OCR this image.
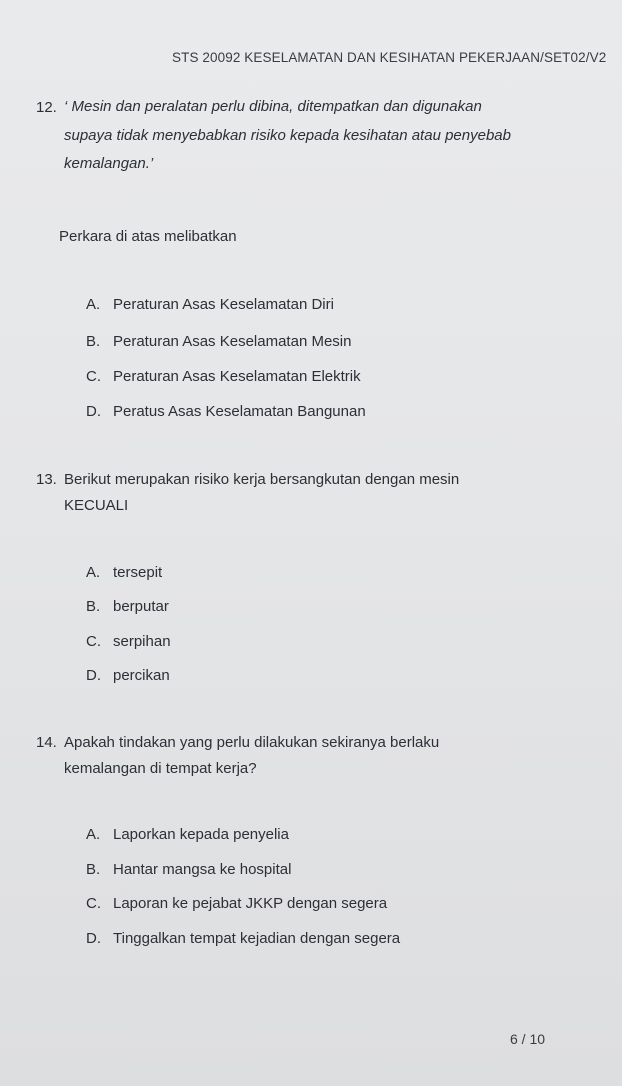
STS 20092 KESELAMATAN DAN KESIHATAN PEKERJAAN/SET02/V2
12. ‘ Mesin dan peralatan perlu dibina, ditempatkan dan digunakan
supaya tidak menyebabkan risiko kepada kesihatan atau penyebab
kemalangan.’
Perkara di atas melibatkan
A. Peraturan Asas Keselamatan Diri
B. Peraturan Asas Keselamatan Mesin
C. Peraturan Asas Keselamatan Elektrik
D. Peratus Asas Keselamatan Bangunan
13. Berikut merupakan risiko kerja bersangkutan dengan mesin
KECUALI
A. tersepit
B. berputar
C. serpihan
D. percikan
14. Apakah tindakan yang perlu dilakukan sekiranya berlaku
kemalangan di tempat kerja?
A. Laporkan kepada penyelia
B. Hantar mangsa ke hospital
C. Laporan ke pejabat JKKP dengan segera
D. Tinggalkan tempat kejadian dengan segera
6 / 10
